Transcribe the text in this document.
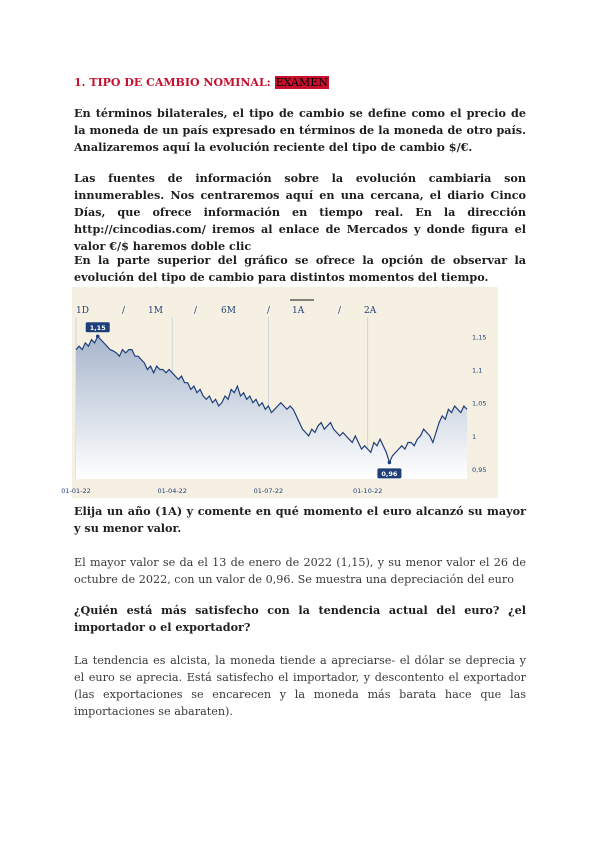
1. TIPO DE CAMBIO NOMINAL: EXAMEN
En términos bilaterales, el tipo de cambio se define como el precio de la moneda de un país expresado en términos de la moneda de otro país. Analizaremos aquí la evolución reciente del tipo de cambio $/€.
Las fuentes de información sobre la evolución cambiaria son innumerables. Nos centraremos aquí en una cercana, el diario Cinco Días, que ofrece información en tiempo real. En la dirección http://cincodias.com/ iremos al enlace de Mercados y donde figura el valor €/$ haremos doble clic
En la parte superior del gráfico se ofrece la opción de observar la evolución del tipo de cambio para distintos momentos del tiempo.
1D	/	1M	/	6M	/ 1A	/	2A
1,15
1,1
1,05
1
0,95
01-01-22	01-04-22	01-07-22	01-10-22
1,15
0,96
Elija un año (1A) y comente en qué momento el euro alcanzó su mayor y su menor valor.
El mayor valor se da el 13 de enero de 2022 (1,15), y su menor valor el 26 de octubre de 2022, con un valor de 0,96. Se muestra una depreciación del euro
¿Quién está más satisfecho con la tendencia actual del euro? ¿el importador o el exportador?
La tendencia es alcista, la moneda tiende a apreciarse- el dólar se deprecia y el euro se aprecia. Está satisfecho el importador, y descontento el exportador (las exportaciones se encarecen y la moneda más barata hace que las importaciones se abaraten).
